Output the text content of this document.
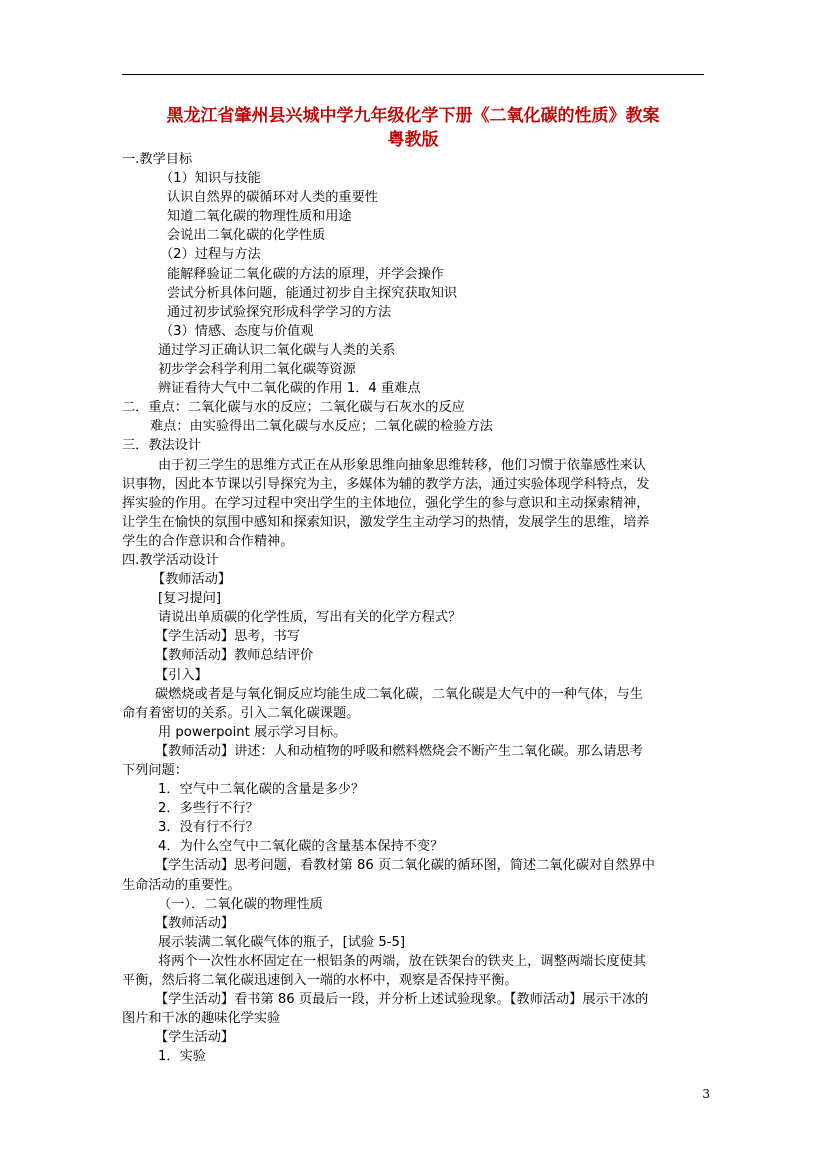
黑龙江省肇州县兴城中学九年级化学下册《二氧化碳的性质》教案
粤教版
一.教学目标
（1）知识与技能
认识自然界的碳循环对人类的重要性
知道二氧化碳的物理性质和用途
会说出二氧化碳的化学性质
（2）过程与方法
能解释验证二氧化碳的方法的原理，并学会操作
尝试分析具体问题，能通过初步自主探究获取知识
通过初步试验探究形成科学学习的方法
（3）情感、态度与价值观
通过学习正确认识二氧化碳与人类的关系
初步学会科学利用二氧化碳等资源
辨证看待大气中二氧化碳的作用 1．4 重难点
二．重点：二氧化碳与水的反应；二氧化碳与石灰水的反应
难点：由实验得出二氧化碳与水反应；二氧化碳的检验方法
三．教法设计
由于初三学生的思维方式正在从形象思维向抽象思维转移，他们习惯于依靠感性来认
识事物，因此本节课以引导探究为主，多媒体为辅的教学方法，通过实验体现学科特点，发
挥实验的作用。在学习过程中突出学生的主体地位，强化学生的参与意识和主动探索精神，
让学生在愉快的氛围中感知和探索知识，激发学生主动学习的热情，发展学生的思维，培养
学生的合作意识和合作精神。
四.教学活动设计
【教师活动】
[复习提问]
请说出单质碳的化学性质，写出有关的化学方程式？
【学生活动】思考，书写
【教师活动】教师总结评价
【引入】
碳燃烧或者是与氧化铜反应均能生成二氧化碳，二氧化碳是大气中的一种气体，与生
命有着密切的关系。引入二氧化碳课题。
用 powerpoint 展示学习目标。
【教师活动】讲述：人和动植物的呼吸和燃料燃烧会不断产生二氧化碳。那么请思考
下列问题：
1．空气中二氧化碳的含量是多少？
2．多些行不行？
3．没有行不行？
4．为什么空气中二氧化碳的含量基本保持不变？
【学生活动】思考问题，看教材第 86 页二氧化碳的循环图，简述二氧化碳对自然界中
生命活动的重要性。
（一）．二氧化碳的物理性质
【教师活动】
展示装满二氧化碳气体的瓶子，[试验 5-5]
将两个一次性水杯固定在一根铝条的两端，放在铁架台的铁夹上，调整两端长度使其
平衡，然后将二氧化碳迅速倒入一端的水杯中，观察是否保持平衡。
【学生活动】看书第 86 页最后一段，并分析上述试验现象。【教师活动】展示干冰的
图片和干冰的趣味化学实验
【学生活动】
1．实验
3
